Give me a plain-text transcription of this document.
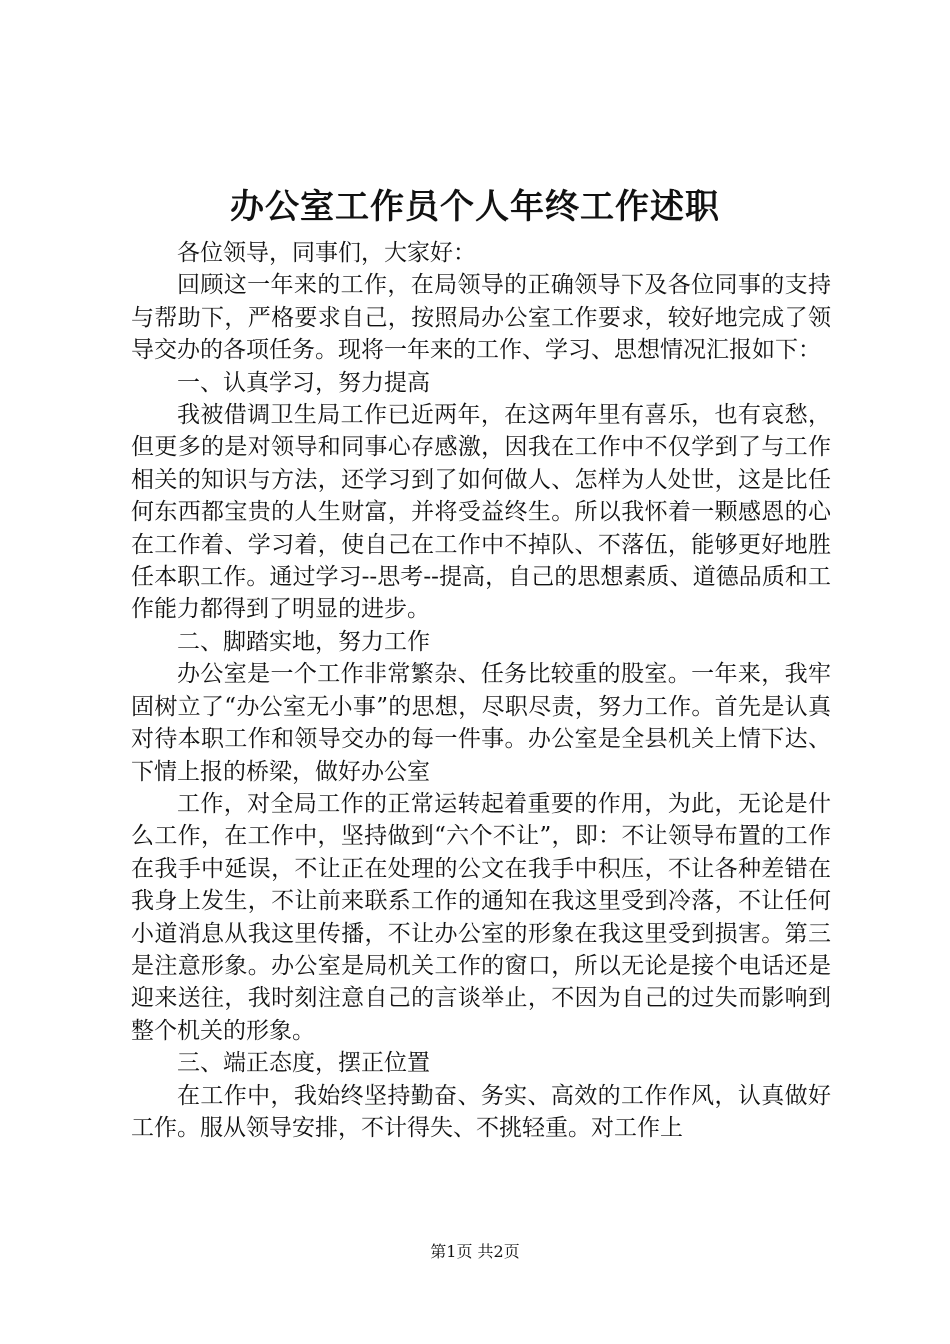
办公室工作员个人年终工作述职

各位领导，同事们，大家好：

回顾这一年来的工作，在局领导的正确领导下及各位同事的支持与帮助下，严格要求自己，按照局办公室工作要求，较好地完成了领导交办的各项任务。现将一年来的工作、学习、思想情况汇报如下：

一、认真学习，努力提高

我被借调卫生局工作已近两年，在这两年里有喜乐，也有哀愁，但更多的是对领导和同事心存感激，因我在工作中不仅学到了与工作相关的知识与方法，还学习到了如何做人、怎样为人处世，这是比任何东西都宝贵的人生财富，并将受益终生。所以我怀着一颗感恩的心在工作着、学习着，使自己在工作中不掉队、不落伍，能够更好地胜任本职工作。通过学习--思考--提高，自己的思想素质、道德品质和工作能力都得到了明显的进步。

二、脚踏实地，努力工作

办公室是一个工作非常繁杂、任务比较重的股室。一年来，我牢固树立了“办公室无小事”的思想，尽职尽责，努力工作。首先是认真对待本职工作和领导交办的每一件事。办公室是全县机关上情下达、下情上报的桥梁，做好办公室

工作，对全局工作的正常运转起着重要的作用，为此，无论是什么工作，在工作中，坚持做到“六个不让”，即：不让领导布置的工作在我手中延误，不让正在处理的公文在我手中积压，不让各种差错在我身上发生，不让前来联系工作的通知在我这里受到冷落，不让任何小道消息从我这里传播，不让办公室的形象在我这里受到损害。第三是注意形象。办公室是局机关工作的窗口，所以无论是接个电话还是迎来送往，我时刻注意自己的言谈举止，不因为自己的过失而影响到整个机关的形象。

三、端正态度，摆正位置

在工作中，我始终坚持勤奋、务实、高效的工作作风，认真做好工作。服从领导安排，不计得失、不挑轻重。对工作上

第1页 共2页
